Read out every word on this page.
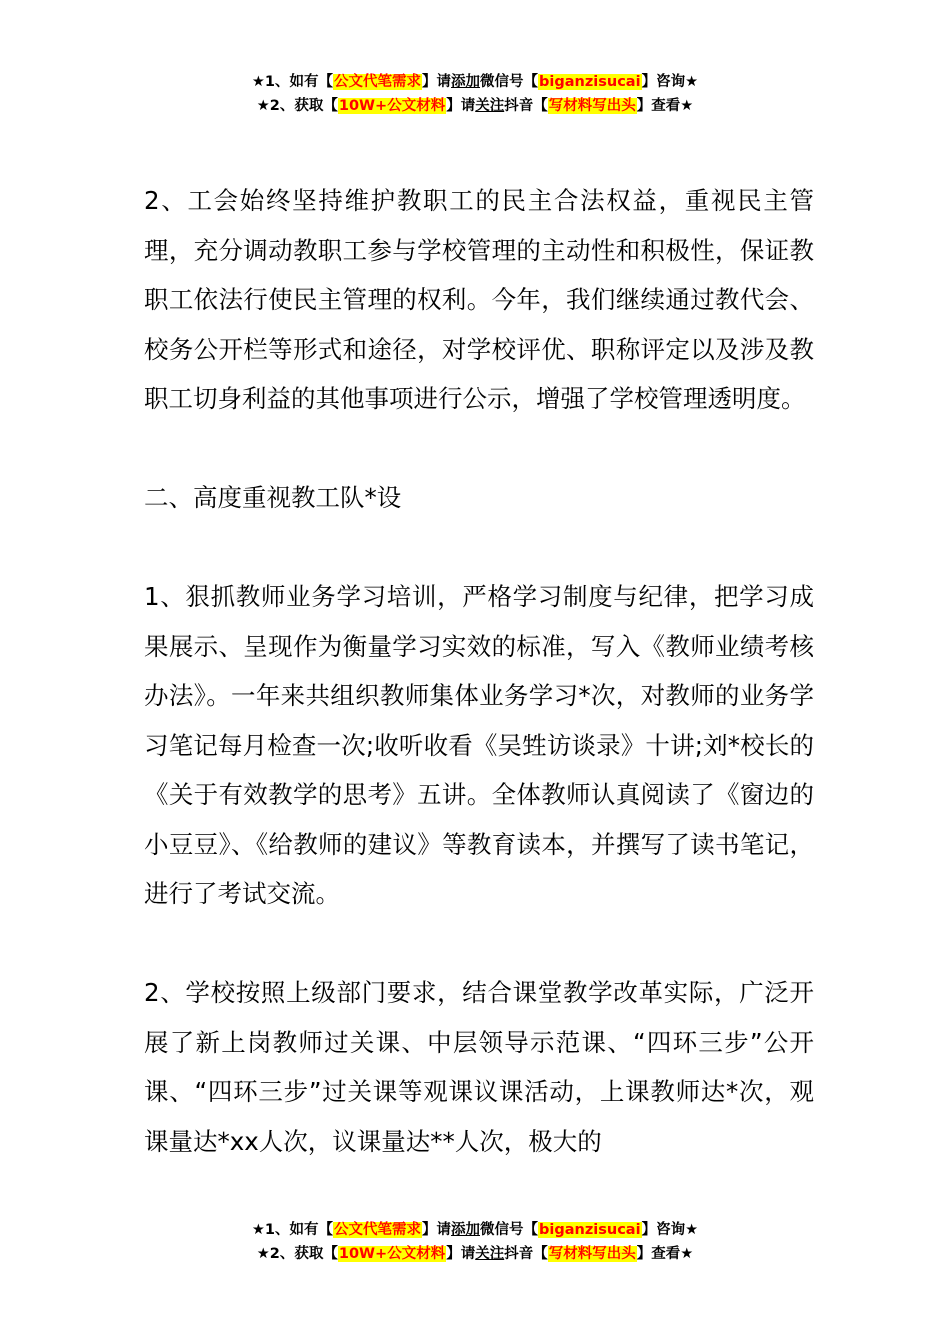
★1、如有【公文代笔需求】请添加微信号【biganzisucai】咨询★
★2、获取【10W+公文材料】请关注抖音【写材料写出头】查看★

2、工会始终坚持维护教职工的民主合法权益，重视民主管理，充分调动教职工参与学校管理的主动性和积极性，保证教职工依法行使民主管理的权利。今年，我们继续通过教代会、校务公开栏等形式和途径，对学校评优、职称评定以及涉及教职工切身利益的其他事项进行公示，增强了学校管理透明度。

二、高度重视教工队*设

1、狠抓教师业务学习培训，严格学习制度与纪律，把学习成果展示、呈现作为衡量学习实效的标准，写入《教师业绩考核办法》。一年来共组织教师集体业务学习*次，对教师的业务学习笔记每月检查一次;收听收看《吴甡访谈录》十讲;刘*校长的《关于有效教学的思考》五讲。全体教师认真阅读了《窗边的小豆豆》、《给教师的建议》等教育读本，并撰写了读书笔记，进行了考试交流。

2、学校按照上级部门要求，结合课堂教学改革实际，广泛开展了新上岗教师过关课、中层领导示范课、“四环三步”公开课、“四环三步”过关课等观课议课活动，上课教师达*次，观课量达*xx人次，议课量达**人次，极大的

★1、如有【公文代笔需求】请添加微信号【biganzisucai】咨询★
★2、获取【10W+公文材料】请关注抖音【写材料写出头】查看★
